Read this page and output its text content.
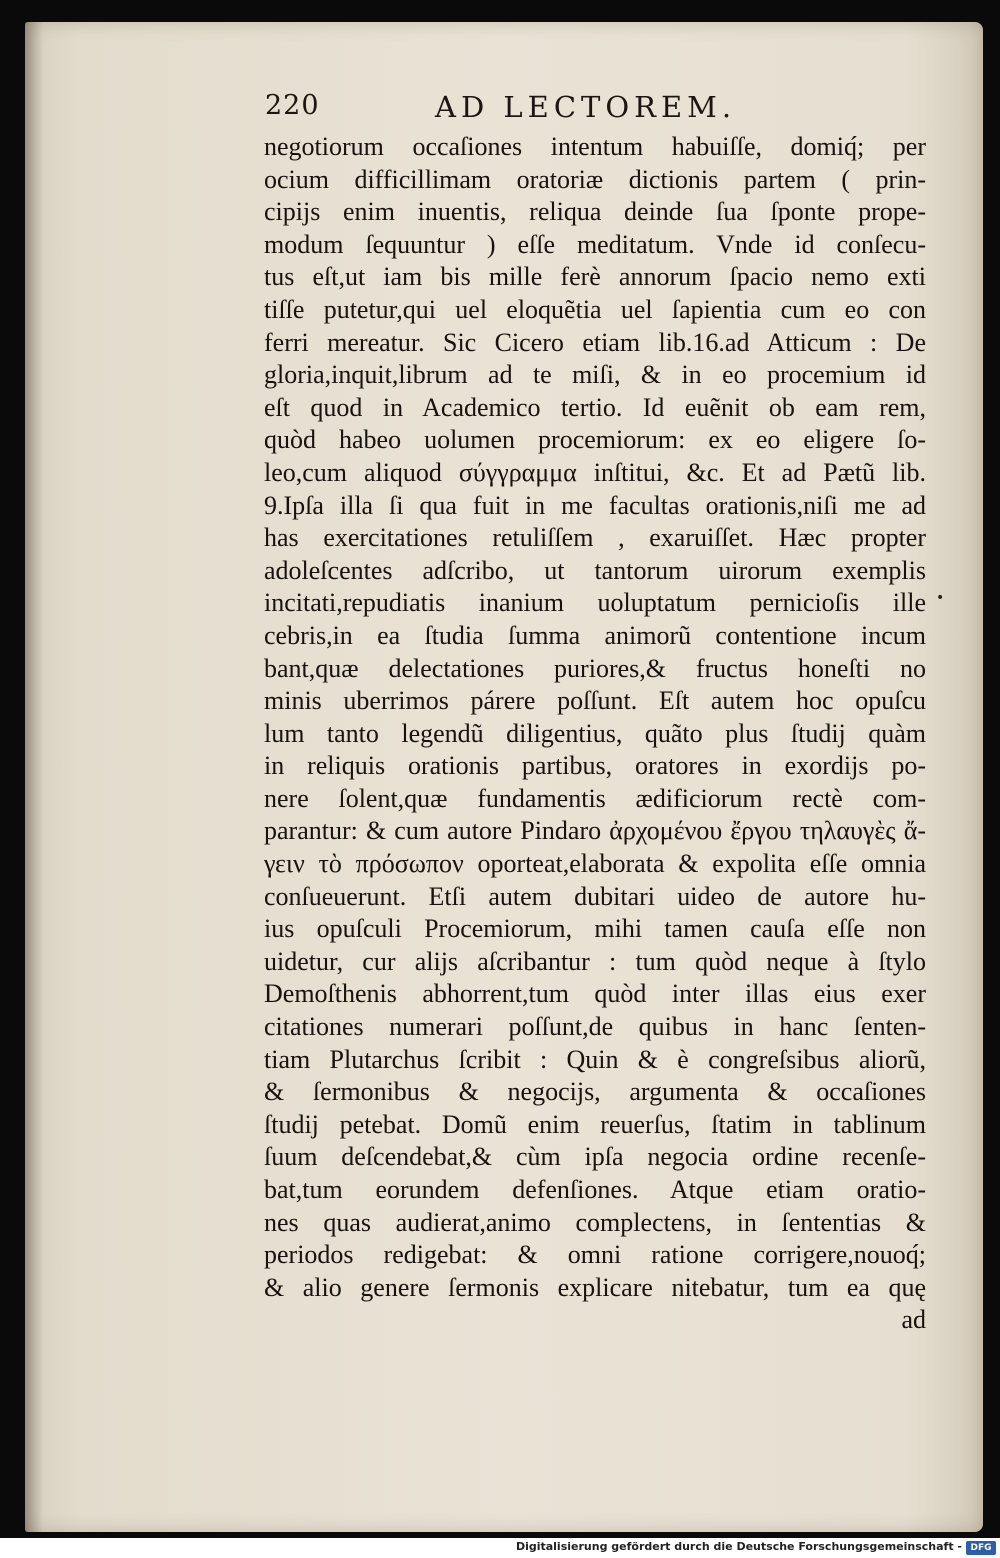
220	AD LECTOREM.
negotiorum occaſiones intentum habuiſſe, domiq́; per
ocium difficillimam oratoriæ dictionis partem ( prin-
cipijs enim inuentis, reliqua deinde ſua ſponte prope-
modum ſequuntur ) eſſe meditatum. Vnde id conſecu-
tus eſt,ut iam bis mille ferè annorum ſpacio nemo exti
tiſſe putetur,qui uel eloquẽtia uel ſapientia cum eo con
ferri mereatur. Sic Cicero etiam lib.16.ad Atticum : De
gloria,inquit,librum ad te miſi, & in eo procemium id
eſt quod in Academico tertio. Id euẽnit ob eam rem,
quòd habeo uolumen procemiorum: ex eo eligere ſo-
leo,cum aliquod σύγγραμμα inſtitui, &c. Et ad Pætũ lib.
9.Ipſa illa ſi qua fuit in me facultas orationis,niſi me ad
has exercitationes retuliſſem , exaruiſſet. Hæc propter
adoleſcentes adſcribo, ut tantorum uirorum exemplis
incitati,repudiatis inanium uoluptatum pernicioſis ille
cebris,in ea ſtudia ſumma animorũ contentione incum
bant,quæ delectationes puriores,& fructus honeſti no
minis uberrimos párere poſſunt. Eſt autem hoc opuſcu
lum tanto legendũ diligentius, quãto plus ſtudij quàm
in reliquis orationis partibus, oratores in exordijs po-
nere ſolent,quæ fundamentis ædificiorum rectè com-
parantur: & cum autore Pindaro ἀρχομένου ἔργου τηλαυγὲς ἄ-
γειν τὸ πρόσωπον oporteat,elaborata & expolita eſſe omnia
conſueuerunt. Etſi autem dubitari uideo de autore hu-
ius opuſculi Procemiorum, mihi tamen cauſa eſſe non
uidetur, cur alijs aſcribantur : tum quòd neque à ſtylo
Demoſthenis abhorrent,tum quòd inter illas eius exer
citationes numerari poſſunt,de quibus in hanc ſenten-
tiam Plutarchus ſcribit : Quin & è congreſsibus aliorũ,
& ſermonibus & negocijs, argumenta & occaſiones
ſtudij petebat. Domũ enim reuerſus, ſtatim in tablinum
ſuum deſcendebat,& cùm ipſa negocia ordine recenſe-
bat,tum eorundem defenſiones. Atque etiam oratio-
nes quas audierat,animo complectens, in ſententias &
periodos redigebat: & omni ratione corrigere,nouoq́;
& alio genere ſermonis explicare nitebatur, tum ea quę
ad
•
Digitalisierung gefördert durch die Deutsche Forschungsgemeinschaft - DFG
